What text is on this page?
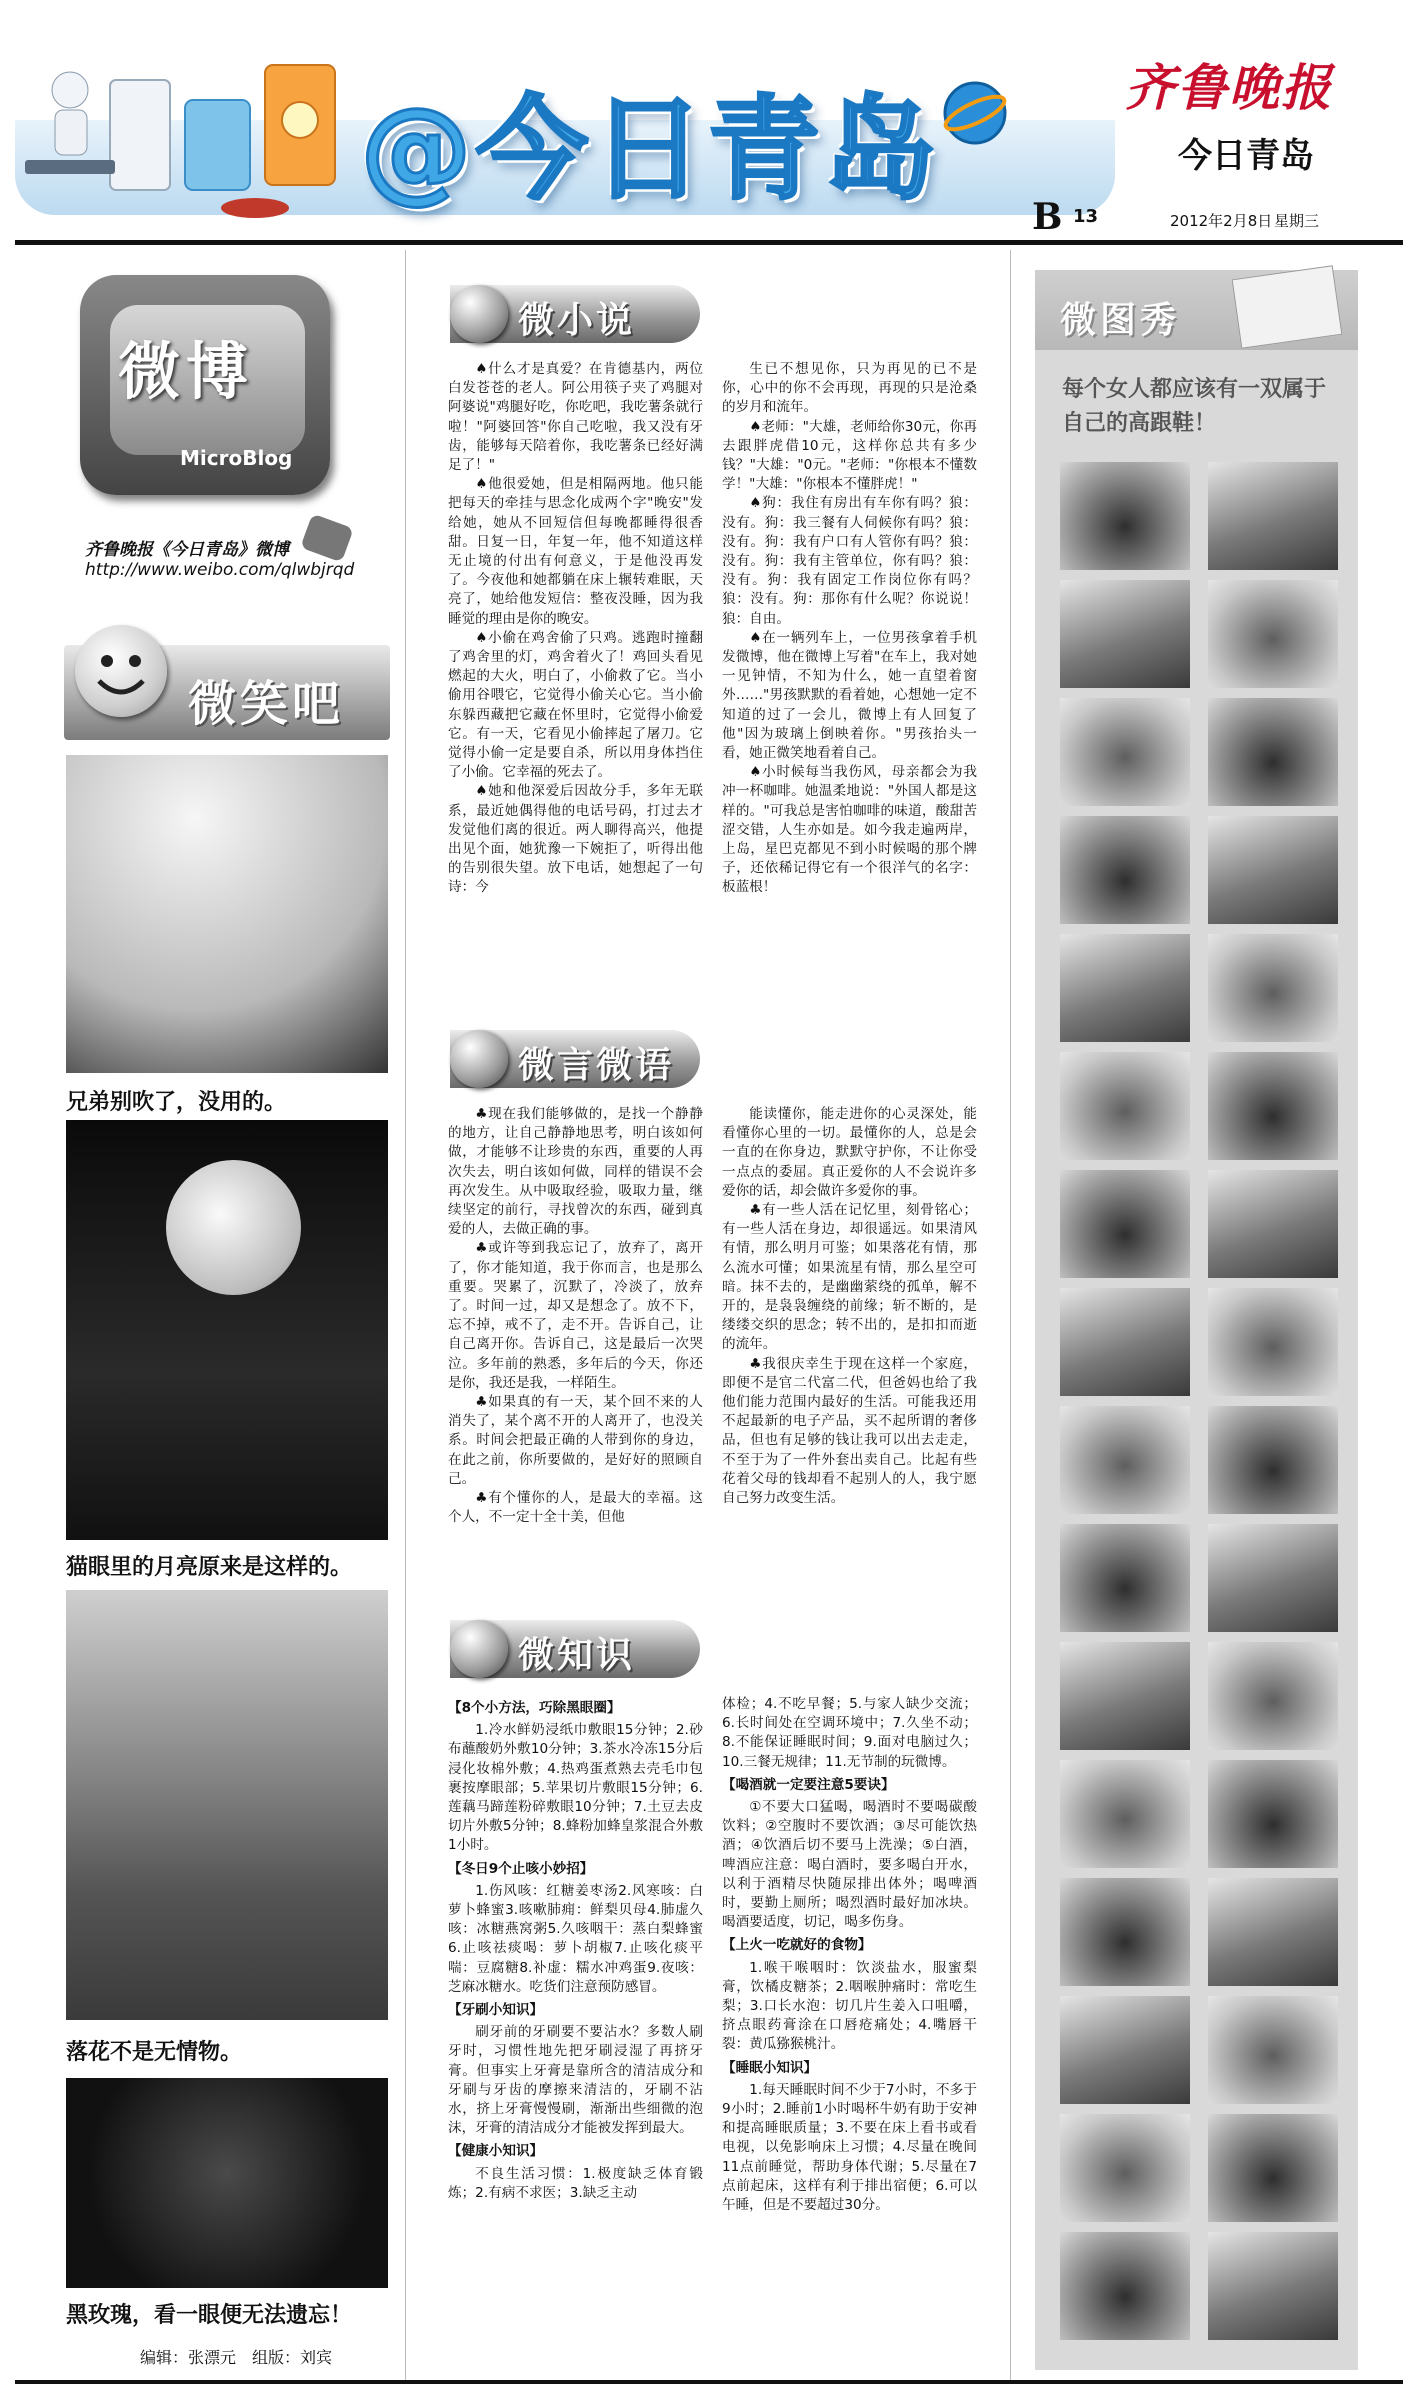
@今日青岛	齐鲁晚报
今日青岛
B 13	2012年2月8日 星期三
微博
MicroBlog
齐鲁晚报《今日青岛》微博
http://www.weibo.com/qlwbjrqd
微笑吧
兄弟别吹了，没用的。
猫眼里的月亮原来是这样的。
落花不是无情物。
黑玫瑰，看一眼便无法遗忘！
编辑：张漂元　组版：刘宾
微小说

♠什么才是真爱？在肯德基内，两位白发苍苍的老人。阿公用筷子夹了鸡腿对阿婆说"鸡腿好吃，你吃吧，我吃薯条就行啦！"阿婆回答"你自己吃啦，我又没有牙齿，能够每天陪着你，我吃薯条已经好满足了！"

♠他很爱她，但是相隔两地。他只能把每天的牵挂与思念化成两个字"晚安"发给她，她从不回短信但每晚都睡得很香甜。日复一日，年复一年，他不知道这样无止境的付出有何意义，于是他没再发了。今夜他和她都躺在床上辗转难眠，天亮了，她给他发短信：整夜没睡，因为我睡觉的理由是你的晚安。

♠小偷在鸡舍偷了只鸡。逃跑时撞翻了鸡舍里的灯，鸡舍着火了！鸡回头看见燃起的大火，明白了，小偷救了它。当小偷用谷喂它，它觉得小偷关心它。当小偷东躲西藏把它藏在怀里时，它觉得小偷爱它。有一天，它看见小偷摔起了屠刀。它觉得小偷一定是要自杀，所以用身体挡住了小偷。它幸福的死去了。

♠她和他深爱后因故分手，多年无联系，最近她偶得他的电话号码，打过去才发觉他们离的很近。两人聊得高兴，他提出见个面，她犹豫一下婉拒了，听得出他的告别很失望。放下电话，她想起了一句诗：今

生已不想见你，只为再见的已不是你，心中的你不会再现，再现的只是沧桑的岁月和流年。

♠老师："大雄，老师给你30元，你再去跟胖虎借10元，这样你总共有多少钱？"大雄："0元。"老师："你根本不懂数学！"大雄："你根本不懂胖虎！"

♠狗：我住有房出有车你有吗？狼：没有。狗：我三餐有人伺候你有吗？狼：没有。狗：我有户口有人管你有吗？狼：没有。狗：我有主管单位，你有吗？狼：没有。狗：我有固定工作岗位你有吗？狼：没有。狗：那你有什么呢？你说说！狼：自由。

♠在一辆列车上，一位男孩拿着手机发微博，他在微博上写着"在车上，我对她一见钟情，不知为什么，她一直望着窗外……"男孩默默的看着她，心想她一定不知道的过了一会儿，微博上有人回复了他"因为玻璃上倒映着你。"男孩抬头一看，她正微笑地看着自己。

♠小时候每当我伤风，母亲都会为我冲一杯咖啡。她温柔地说："外国人都是这样的。"可我总是害怕咖啡的味道，酸甜苦涩交错，人生亦如是。如今我走遍两岸，上岛，星巴克都见不到小时候喝的那个牌子，还依稀记得它有一个很洋气的名字：板蓝根！

微言微语

♣现在我们能够做的，是找一个静静的地方，让自己静静地思考，明白该如何做，才能够不让珍贵的东西，重要的人再次失去，明白该如何做，同样的错误不会再次发生。从中吸取经验，吸取力量，继续坚定的前行，寻找曾次的东西，碰到真爱的人，去做正确的事。

♣或许等到我忘记了，放弃了，离开了，你才能知道，我于你而言，也是那么重要。哭累了，沉默了，冷淡了，放弃了。时间一过，却又是想念了。放不下，忘不掉，戒不了，走不开。告诉自己，让自己离开你。告诉自己，这是最后一次哭泣。多年前的熟悉，多年后的今天，你还是你，我还是我，一样陌生。

♣如果真的有一天，某个回不来的人消失了，某个离不开的人离开了，也没关系。时间会把最正确的人带到你的身边，在此之前，你所要做的，是好好的照顾自己。

♣有个懂你的人，是最大的幸福。这个人，不一定十全十美，但他

能读懂你，能走进你的心灵深处，能看懂你心里的一切。最懂你的人，总是会一直的在你身边，默默守护你，不让你受一点点的委屈。真正爱你的人不会说许多爱你的话，却会做许多爱你的事。

♣有一些人活在记忆里，刻骨铭心；有一些人活在身边，却很遥远。如果清风有情，那么明月可鉴；如果落花有情，那么流水可懂；如果流星有情，那么星空可暗。抹不去的，是幽幽萦绕的孤单，解不开的，是袅袅缠绕的前缘；斩不断的，是缕缕交织的思念；转不出的，是扣扣而逝的流年。

♣我很庆幸生于现在这样一个家庭，即便不是官二代富二代，但爸妈也给了我他们能力范围内最好的生活。可能我还用不起最新的电子产品，买不起所谓的奢侈品，但也有足够的钱让我可以出去走走，不至于为了一件外套出卖自己。比起有些花着父母的钱却看不起别人的人，我宁愿自己努力改变生活。

微知识

【8个小方法，巧除黑眼圈】

1.冷水鲜奶浸纸巾敷眼15分钟；2.砂布蘸酸奶外敷10分钟；3.茶水冷冻15分后浸化妆棉外敷；4.热鸡蛋煮熟去壳毛巾包裹按摩眼部；5.苹果切片敷眼15分钟；6.莲藕马蹄莲粉碎敷眼10分钟；7.土豆去皮切片外敷5分钟；8.蜂粉加蜂皇浆混合外敷1小时。

【冬日9个止咳小妙招】

1.伤风咳：红糖姜枣汤2.风寒咳：白萝卜蜂蜜3.咳嗽肺痈：鲜梨贝母4.肺虚久咳：冰糖燕窝粥5.久咳咽干：蒸白梨蜂蜜6.止咳祛痰喝：萝卜胡椒7.止咳化痰平喘：豆腐糖8.补虚：糯水冲鸡蛋9.夜咳：芝麻冰糖水。吃货们注意预防感冒。

【牙刷小知识】

刷牙前的牙刷要不要沾水？多数人刷牙时，习惯性地先把牙刷浸湿了再挤牙膏。但事实上牙膏是靠所含的清洁成分和牙刷与牙齿的摩擦来清洁的，牙刷不沾水，挤上牙膏慢慢刷，渐渐出些细微的泡沫，牙膏的清洁成分才能被发挥到最大。

【健康小知识】

不良生活习惯：1.极度缺乏体育锻炼；2.有病不求医；3.缺乏主动

体检；4.不吃早餐；5.与家人缺少交流；6.长时间处在空调环境中；7.久坐不动；8.不能保证睡眠时间；9.面对电脑过久；10.三餐无规律；11.无节制的玩微博。

【喝酒就一定要注意5要诀】

①不要大口猛喝，喝酒时不要喝碳酸饮料；②空腹时不要饮酒；③尽可能饮热酒；④饮酒后切不要马上洗澡；⑤白酒，啤酒应注意：喝白酒时，要多喝白开水，以利于酒精尽快随尿排出体外；喝啤酒时，要勤上厕所；喝烈酒时最好加冰块。喝酒要适度，切记，喝多伤身。

【上火一吃就好的食物】

1.喉干喉咽时：饮淡盐水，服蜜梨膏，饮橘皮糖茶；2.咽喉肿痛时：常吃生梨；3.口长水泡：切几片生姜入口咀嚼，挤点眼药膏涂在口唇疮痛处；4.嘴唇干裂：黄瓜猕猴桃汁。

【睡眠小知识】

1.每天睡眠时间不少于7小时，不多于9小时；2.睡前1小时喝杯牛奶有助于安神和提高睡眠质量；3.不要在床上看书或看电视，以免影响床上习惯；4.尽量在晚间11点前睡觉，帮助身体代谢；5.尽量在7点前起床，这样有利于排出宿便；6.可以午睡，但是不要超过30分。

微图秀
每个女人都应该有一双属于自己的高跟鞋！
